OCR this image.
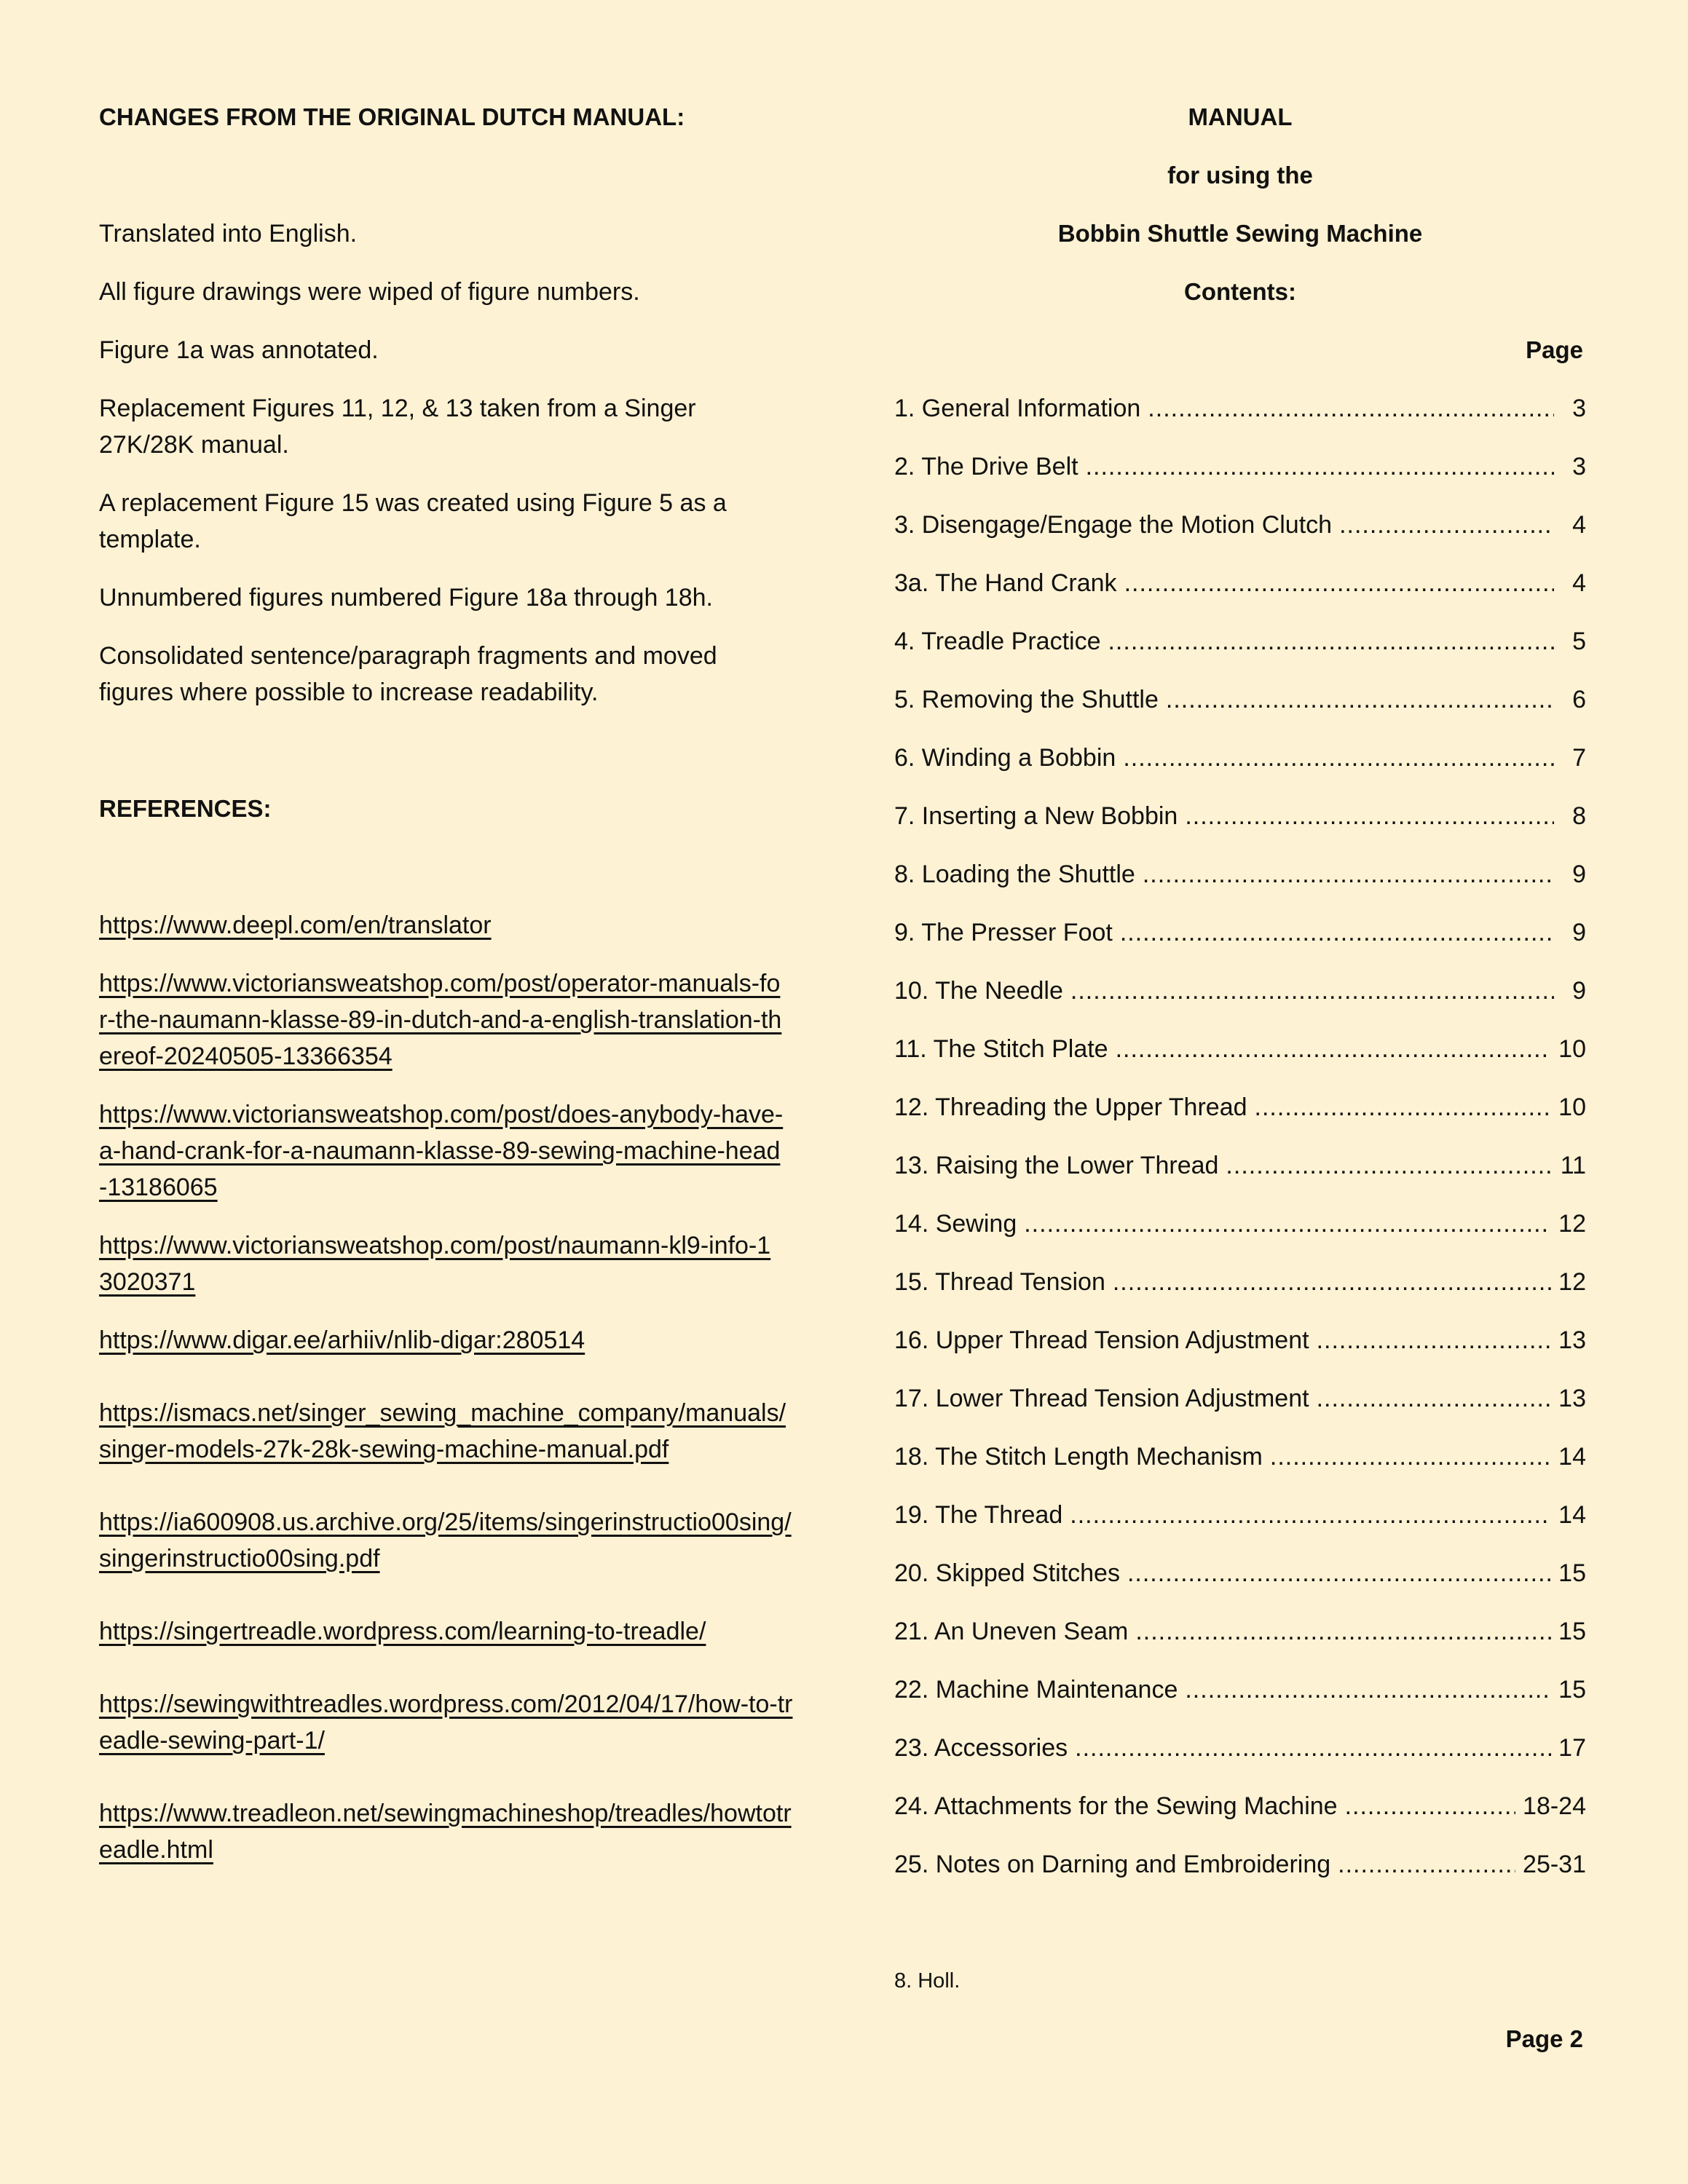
CHANGES FROM THE ORIGINAL DUTCH MANUAL:
Translated into English.
All figure drawings were wiped of figure numbers.
Figure 1a was annotated.
Replacement Figures 11, 12, & 13 taken from a Singer 27K/28K manual.
A replacement Figure 15 was created using Figure 5 as a template.
Unnumbered figures numbered Figure 18a through 18h.
Consolidated sentence/paragraph fragments and moved figures where possible to increase readability.
REFERENCES:
https://www.deepl.com/en/translator
https://www.victoriansweatshop.com/post/operator-manuals-for-the-naumann-klasse-89-in-dutch-and-a-english-translation-thereof-20240505-13366354
https://www.victoriansweatshop.com/post/does-anybody-have-a-hand-crank-for-a-naumann-klasse-89-sewing-machine-head-13186065
https://www.victoriansweatshop.com/post/naumann-kl9-info-13020371
https://www.digar.ee/arhiiv/nlib-digar:280514
https://ismacs.net/singer_sewing_machine_company/manuals/singer-models-27k-28k-sewing-machine-manual.pdf
https://ia600908.us.archive.org/25/items/singerinstructio00sing/singerinstructio00sing.pdf
https://singertreadle.wordpress.com/learning-to-treadle/
https://sewingwithtreadles.wordpress.com/2012/04/17/how-to-treadle-sewing-part-1/
https://www.treadleon.net/sewingmachineshop/treadles/howtotreadle.html
MANUAL
for using the
Bobbin Shuttle Sewing Machine
Contents:
Page
1. General Information .....	3
2. The Drive Belt .....	3
3. Disengage/Engage the Motion Clutch .....	4
3a. The Hand Crank .....	4
4. Treadle Practice .....	5
5. Removing the Shuttle .....	6
6. Winding a Bobbin .....	7
7. Inserting a New Bobbin .....	8
8. Loading the Shuttle .....	9
9. The Presser Foot .....	9
10. The Needle .....	9
11. The Stitch Plate .....	10
12. Threading the Upper Thread .....	10
13. Raising the Lower Thread .....	11
14. Sewing .....	12
15. Thread Tension .....	12
16. Upper Thread Tension Adjustment .....	13
17. Lower Thread Tension Adjustment .....	13
18. The Stitch Length Mechanism .....	14
19. The Thread .....	14
20. Skipped Stitches .....	15
21. An Uneven Seam .....	15
22. Machine Maintenance .....	15
23. Accessories .....	17
24. Attachments for the Sewing Machine .....	18-24
25. Notes on Darning and Embroidering .....	25-31
8. Holl.
Page 2
